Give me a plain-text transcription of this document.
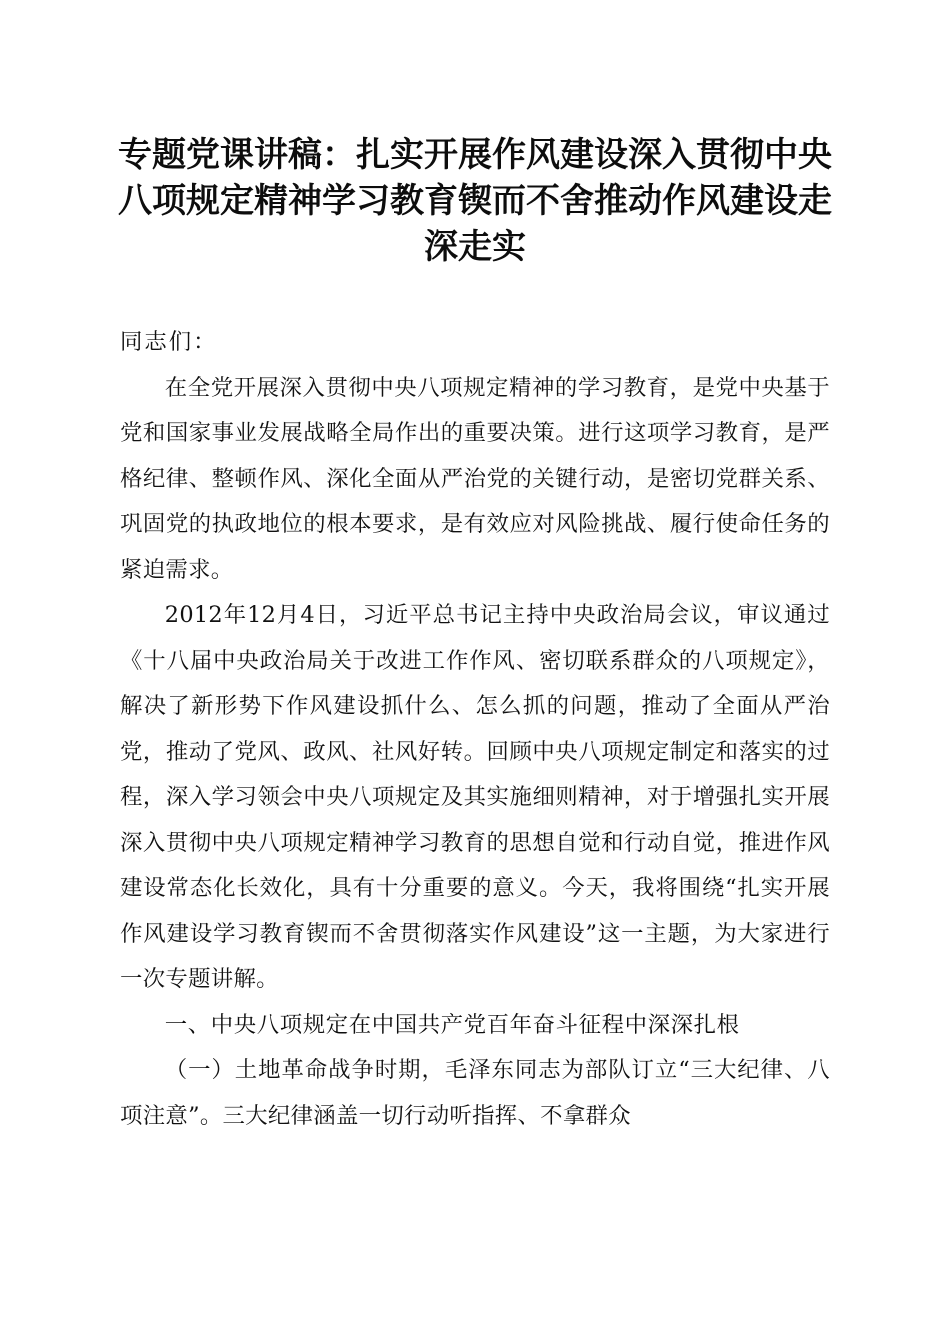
专题党课讲稿：扎实开展作风建设深入贯彻中央八项规定精神学习教育锲而不舍推动作风建设走深走实

同志们：

在全党开展深入贯彻中央八项规定精神的学习教育，是党中央基于党和国家事业发展战略全局作出的重要决策。进行这项学习教育，是严格纪律、整顿作风、深化全面从严治党的关键行动，是密切党群关系、巩固党的执政地位的根本要求，是有效应对风险挑战、履行使命任务的紧迫需求。

2012年12月4日，习近平总书记主持中央政治局会议，审议通过《十八届中央政治局关于改进工作作风、密切联系群众的八项规定》，解决了新形势下作风建设抓什么、怎么抓的问题，推动了全面从严治党，推动了党风、政风、社风好转。回顾中央八项规定制定和落实的过程，深入学习领会中央八项规定及其实施细则精神，对于增强扎实开展深入贯彻中央八项规定精神学习教育的思想自觉和行动自觉，推进作风建设常态化长效化，具有十分重要的意义。今天，我将围绕“扎实开展作风建设学习教育锲而不舍贯彻落实作风建设”这一主题，为大家进行一次专题讲解。

一、中央八项规定在中国共产党百年奋斗征程中深深扎根

（一）土地革命战争时期，毛泽东同志为部队订立“三大纪律、八项注意”。三大纪律涵盖一切行动听指挥、不拿群众
